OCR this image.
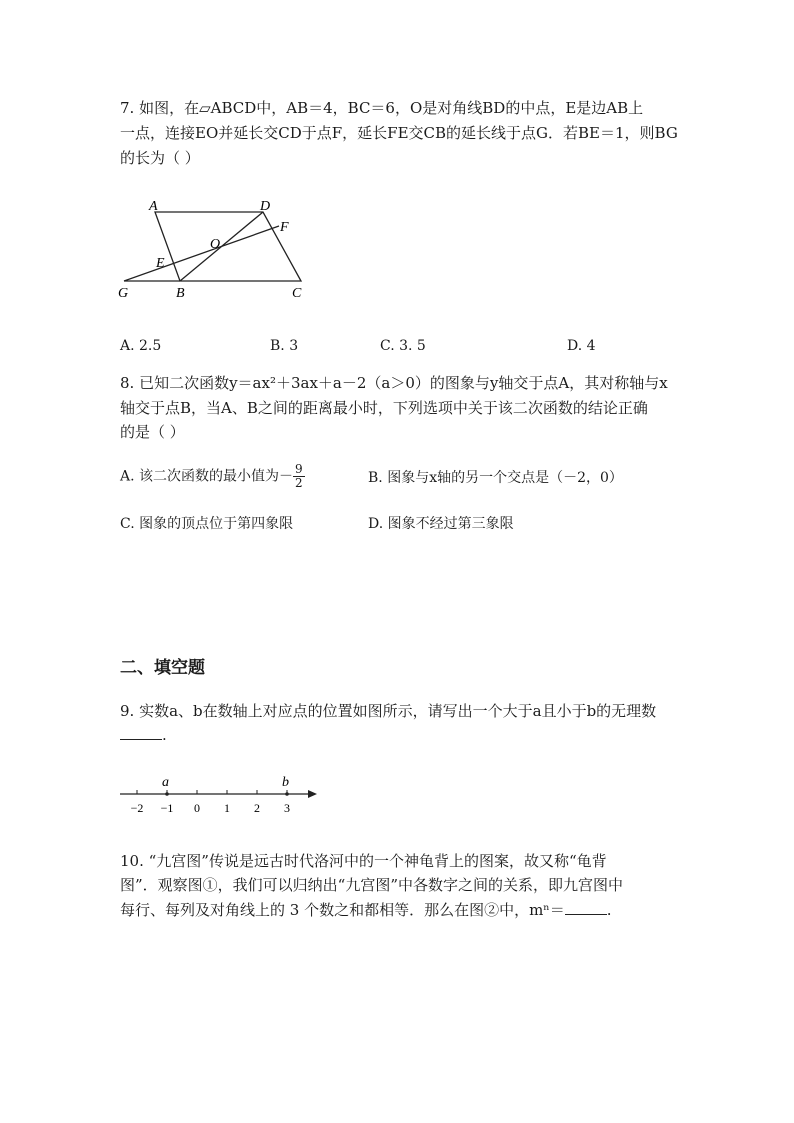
7. 如图，在▱ABCD中，AB＝4，BC＝6，O是对角线BD的中点，E是边AB上
一点，连接EO并延长交CD于点F，延长FE交CB的延长线于点G．若BE＝1，则BG
的长为（ ）
A	D
F
O
E
G	B	C
A. 2.5	B. 3	C. 3. 5	D. 4
8. 已知二次函数y＝ax²＋3ax＋a－2（a＞0）的图象与y轴交于点A，其对称轴与x
轴交于点B，当A、B之间的距离最小时，下列选项中关于该二次函数的结论正确
的是（ ）
A. 该二次函数的最小值为－ $\frac{9}{2}$	B. 图象与x轴的另一个交点是（－2，0）
C. 图象的顶点位于第四象限	D. 图象不经过第三象限
二、填空题
9. 实数a、b在数轴上对应点的位置如图所示，请写出一个大于a且小于b的无理数
.
a	b
−2 −1 0 1 2 3
10. “九宫图”传说是远古时代洛河中的一个神龟背上的图案，故又称“龟背
图”．观察图①，我们可以归纳出“九宫图”中各数字之间的关系，即九宫图中
每行、每列及对角线上的 3 个数之和都相等．那么在图②中，mⁿ＝	.
